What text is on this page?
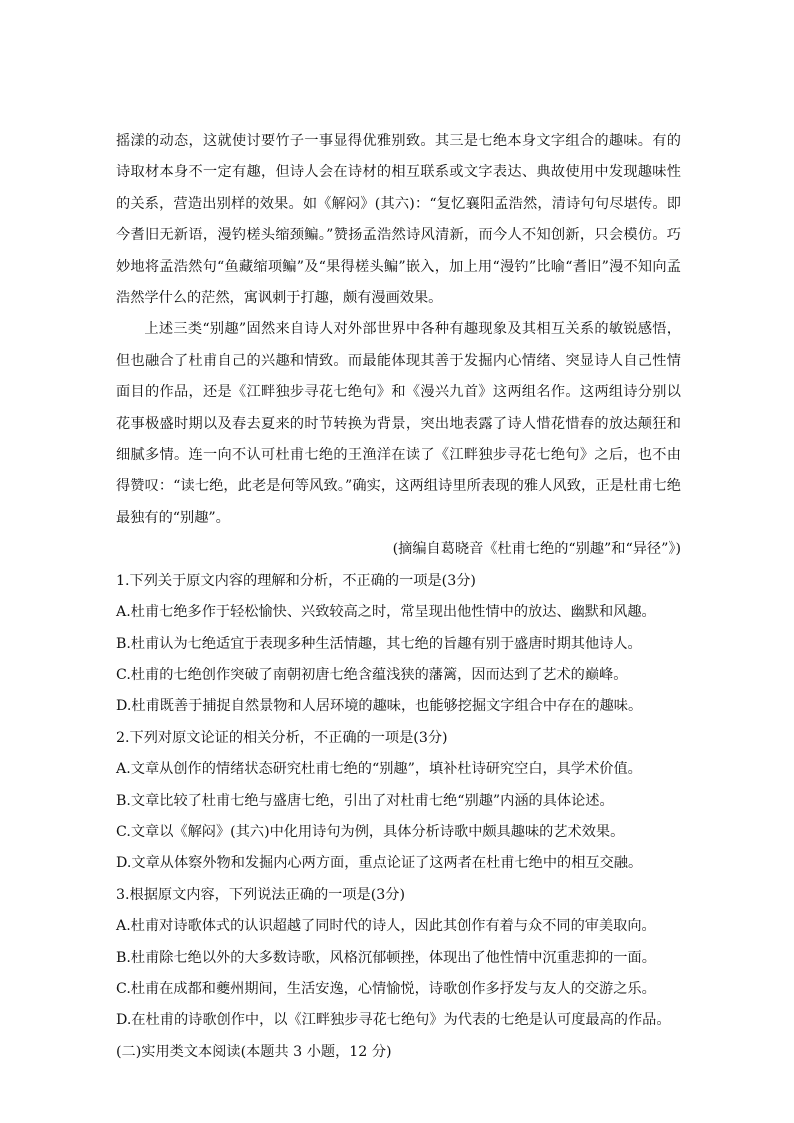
摇漾的动态，这就使讨要竹子一事显得优雅别致。其三是七绝本身文字组合的趣味。有的诗取材本身不一定有趣，但诗人会在诗材的相互联系或文字表达、典故使用中发现趣味性的关系，营造出别样的效果。如《解闷》(其六)：“复忆襄阳孟浩然，清诗句句尽堪传。即今耆旧无新语，漫钓槎头缩颈鳊。”赞扬孟浩然诗风清新，而今人不知创新，只会模仿。巧妙地将孟浩然句“鱼藏缩项鳊”及“果得槎头鳊”嵌入，加上用“漫钓”比喻“耆旧”漫不知向孟浩然学什么的茫然，寓讽刺于打趣，颇有漫画效果。

上述三类“别趣”固然来自诗人对外部世界中各种有趣现象及其相互关系的敏锐感悟，但也融合了杜甫自己的兴趣和情致。而最能体现其善于发掘内心情绪、突显诗人自己性情面目的作品，还是《江畔独步寻花七绝句》和《漫兴九首》这两组名作。这两组诗分别以花事极盛时期以及春去夏来的时节转换为背景，突出地表露了诗人惜花惜春的放达颠狂和细腻多情。连一向不认可杜甫七绝的王渔洋在读了《江畔独步寻花七绝句》之后，也不由得赞叹：“读七绝，此老是何等风致。”确实，这两组诗里所表现的雅人风致，正是杜甫七绝最独有的“别趣”。

(摘编自葛晓音《杜甫七绝的“别趣”和“异径”》)

1.下列关于原文内容的理解和分析，不正确的一项是(3分)

A.杜甫七绝多作于轻松愉快、兴致较高之时，常呈现出他性情中的放达、幽默和风趣。

B.杜甫认为七绝适宜于表现多种生活情趣，其七绝的旨趣有别于盛唐时期其他诗人。

C.杜甫的七绝创作突破了南朝初唐七绝含蕴浅狭的藩篱，因而达到了艺术的巅峰。

D.杜甫既善于捕捉自然景物和人居环境的趣味，也能够挖掘文字组合中存在的趣味。

2.下列对原文论证的相关分析，不正确的一项是(3分)

A.文章从创作的情绪状态研究杜甫七绝的“别趣”，填补杜诗研究空白，具学术价值。

B.文章比较了杜甫七绝与盛唐七绝，引出了对杜甫七绝“别趣”内涵的具体论述。

C.文章以《解闷》(其六)中化用诗句为例，具体分析诗歌中颇具趣味的艺术效果。

D.文章从体察外物和发掘内心两方面，重点论证了这两者在杜甫七绝中的相互交融。

3.根据原文内容，下列说法正确的一项是(3分)

A.杜甫对诗歌体式的认识超越了同时代的诗人，因此其创作有着与众不同的审美取向。

B.杜甫除七绝以外的大多数诗歌，风格沉郁顿挫，体现出了他性情中沉重悲抑的一面。

C.杜甫在成都和夔州期间，生活安逸，心情愉悦，诗歌创作多抒发与友人的交游之乐。

D.在杜甫的诗歌创作中，以《江畔独步寻花七绝句》为代表的七绝是认可度最高的作品。

(二)实用类文本阅读(本题共 3 小题，12 分)
